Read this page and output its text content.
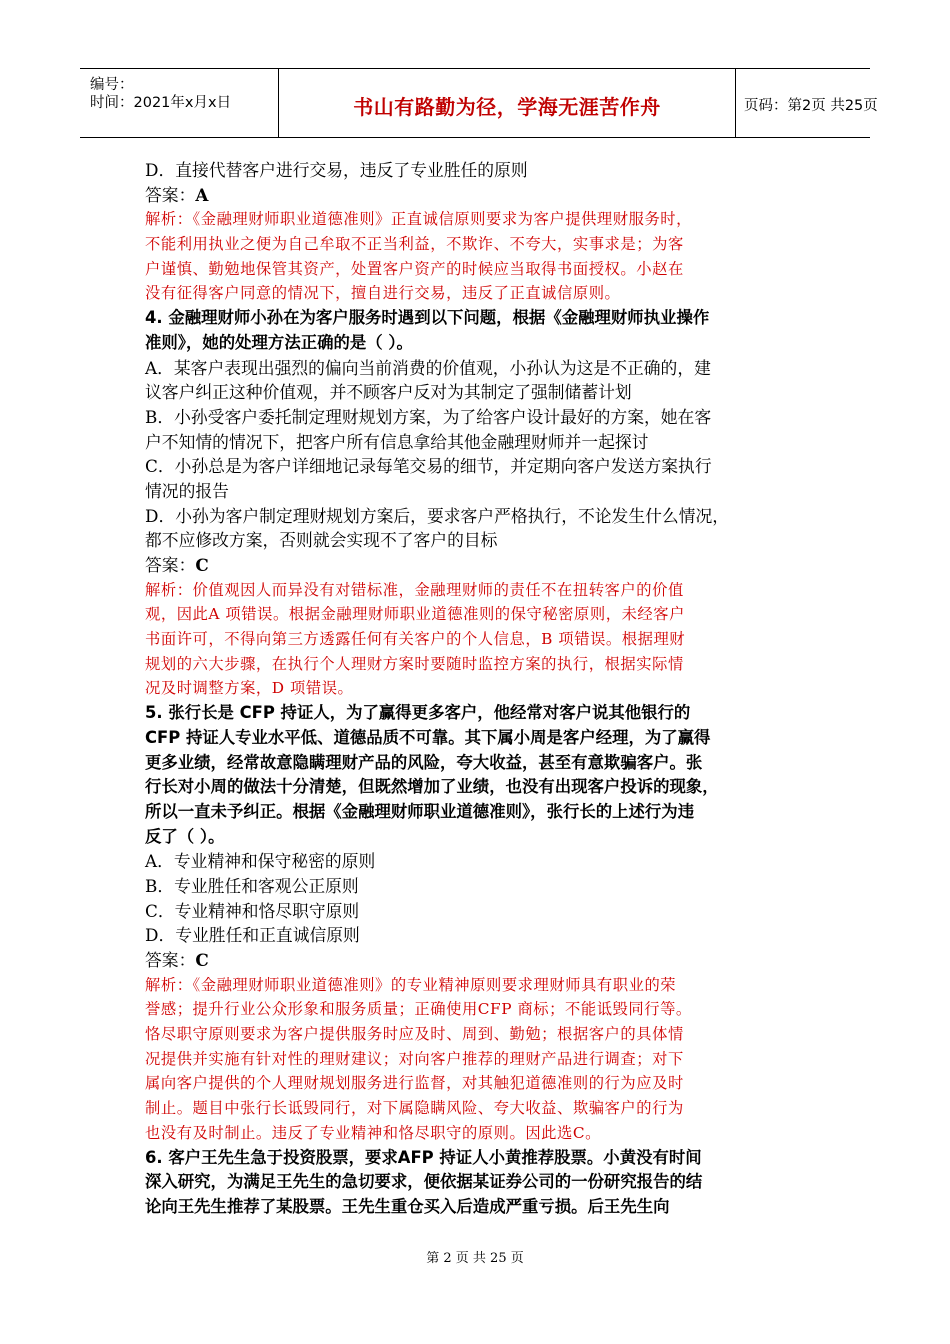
编号：
时间：2021年x月x日	书山有路勤为径，学海无涯苦作舟	页码：第2页 共25页
D．直接代替客户进行交易，违反了专业胜任的原则
答案：A
解析：《金融理财师职业道德准则》正直诚信原则要求为客户提供理财服务时，
不能利用执业之便为自己牟取不正当利益，不欺诈、不夸大，实事求是；为客
户谨慎、勤勉地保管其资产，处置客户资产的时候应当取得书面授权。小赵在
没有征得客户同意的情况下，擅自进行交易，违反了正直诚信原则。
4. 金融理财师小孙在为客户服务时遇到以下问题，根据《金融理财师执业操作
准则》，她的处理方法正确的是（ ）。
A．某客户表现出强烈的偏向当前消费的价值观，小孙认为这是不正确的，建
议客户纠正这种价值观，并不顾客户反对为其制定了强制储蓄计划
B．小孙受客户委托制定理财规划方案，为了给客户设计最好的方案，她在客
户不知情的情况下，把客户所有信息拿给其他金融理财师并一起探讨
C．小孙总是为客户详细地记录每笔交易的细节，并定期向客户发送方案执行
情况的报告
D．小孙为客户制定理财规划方案后，要求客户严格执行，不论发生什么情况，
都不应修改方案，否则就会实现不了客户的目标
答案：C
解析：价值观因人而异没有对错标准，金融理财师的责任不在扭转客户的价值
观，因此A 项错误。根据金融理财师职业道德准则的保守秘密原则，未经客户
书面许可，不得向第三方透露任何有关客户的个人信息，B 项错误。根据理财
规划的六大步骤，在执行个人理财方案时要随时监控方案的执行，根据实际情
况及时调整方案，D 项错误。
5. 张行长是 CFP 持证人，为了赢得更多客户，他经常对客户说其他银行的
CFP 持证人专业水平低、道德品质不可靠。其下属小周是客户经理，为了赢得
更多业绩，经常故意隐瞒理财产品的风险，夸大收益，甚至有意欺骗客户。张
行长对小周的做法十分清楚，但既然增加了业绩，也没有出现客户投诉的现象，
所以一直未予纠正。根据《金融理财师职业道德准则》，张行长的上述行为违
反了（ ）。
A．专业精神和保守秘密的原则
B．专业胜任和客观公正原则
C．专业精神和恪尽职守原则
D．专业胜任和正直诚信原则
答案：C
解析：《金融理财师职业道德准则》的专业精神原则要求理财师具有职业的荣
誉感；提升行业公众形象和服务质量；正确使用CFP 商标；不能诋毁同行等。
恪尽职守原则要求为客户提供服务时应及时、周到、勤勉；根据客户的具体情
况提供并实施有针对性的理财建议；对向客户推荐的理财产品进行调查；对下
属向客户提供的个人理财规划服务进行监督，对其触犯道德准则的行为应及时
制止。题目中张行长诋毁同行，对下属隐瞒风险、夸大收益、欺骗客户的行为
也没有及时制止。违反了专业精神和恪尽职守的原则。因此选C。
6. 客户王先生急于投资股票，要求AFP 持证人小黄推荐股票。小黄没有时间
深入研究，为满足王先生的急切要求，便依据某证券公司的一份研究报告的结
论向王先生推荐了某股票。王先生重仓买入后造成严重亏损。后王先生向
第 2 页 共 25 页
